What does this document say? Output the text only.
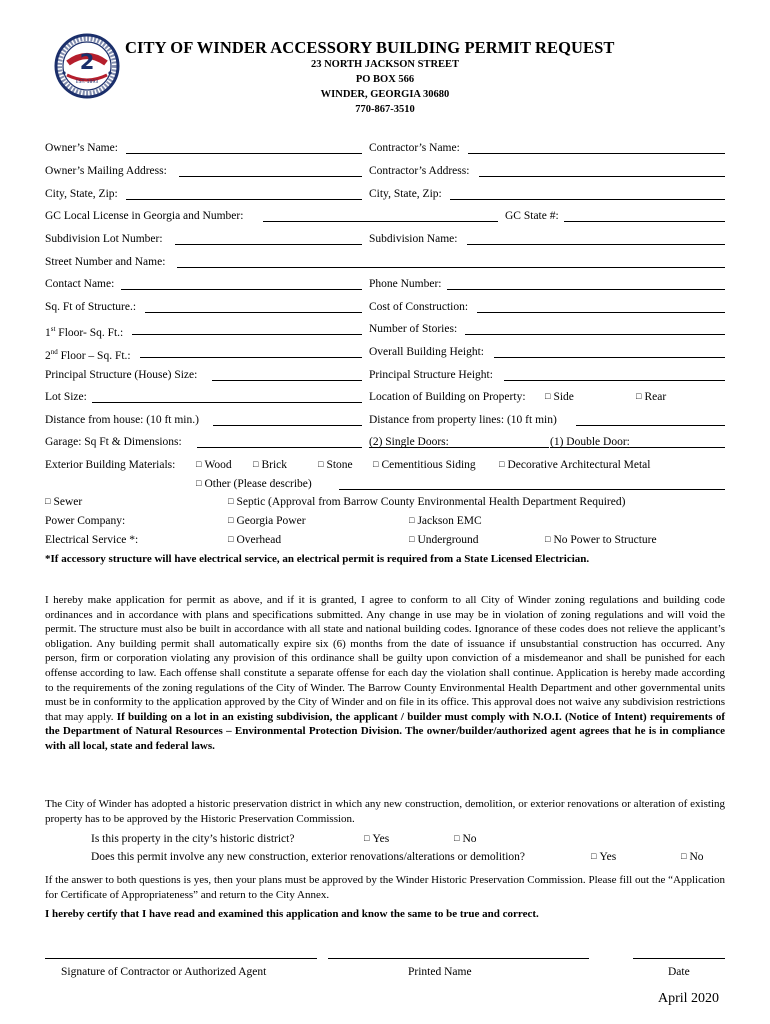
2
EST. 1893
CITY OF WINDER ACCESSORY BUILDING PERMIT REQUEST
23 NORTH JACKSON STREET
PO BOX 566
WINDER, GEORGIA 30680
770-867-3510
Owner’s Name:	Contractor’s Name:
Owner’s Mailing Address:	Contractor’s Address:
City, State, Zip:	City, State, Zip:
GC Local License in Georgia and Number:	GC State #:
Subdivision Lot Number:	Subdivision Name:
Street Number and Name:
Contact Name:	Phone Number:
Sq. Ft of Structure.:	Cost of Construction:
1st Floor- Sq. Ft.:	Number of Stories:
2nd Floor – Sq. Ft.:	Overall Building Height:
Principal Structure (House) Size:	Principal Structure Height:
Lot Size:	Location of Building on Property:	□ Side	□ Rear
Distance from house: (10 ft min.)	Distance from property lines: (10 ft min)
Garage: Sq Ft & Dimensions:	(2) Single Doors:	(1) Double Door:
Exterior Building Materials:	□ Wood	□ Brick	□ Stone	□ Cementitious Siding	□ Decorative Architectural Metal
□ Other (Please describe)
□ Sewer	□ Septic (Approval from Barrow County Environmental Health Department Required)
Power Company:	□ Georgia Power	□ Jackson EMC
Electrical Service *:	□ Overhead	□ Underground	□ No Power to Structure
*If accessory structure will have electrical service, an electrical permit is required from a State Licensed Electrician.
I hereby make application for permit as above, and if it is granted, I agree to conform to all City of Winder zoning regulations and building code ordinances and in accordance with plans and specifications submitted. Any change in use may be in violation of zoning regulations and will void the permit. The structure must also be built in accordance with all state and national building codes. Ignorance of these codes does not relieve the applicant’s obligation. Any building permit shall automatically expire six (6) months from the date of issuance if unsubstantial construction has occurred. Any person, firm or corporation violating any provision of this ordinance shall be guilty upon conviction of a misdemeanor and shall be punished for each offense according to law. Each offense shall constitute a separate offense for each day the violation shall continue. Application is hereby made according to the requirements of the zoning regulations of the City of Winder. The Barrow County Environmental Health Department and other governmental units must be in conformity to the application approved by the City of Winder and on file in its office. This approval does not waive any subdivision restrictions that may apply. If building on a lot in an existing subdivision, the applicant / builder must comply with N.O.I. (Notice of Intent) requirements of the Department of Natural Resources – Environmental Protection Division. The owner/builder/authorized agent agrees that he is in compliance with all local, state and federal laws.
The City of Winder has adopted a historic preservation district in which any new construction, demolition, or exterior renovations or alteration of existing property has to be approved by the Historic Preservation Commission.
Is this property in the city’s historic district?	□ Yes	□ No
Does this permit involve any new construction, exterior renovations/alterations or demolition?	□ Yes	□ No
If the answer to both questions is yes, then your plans must be approved by the Winder Historic Preservation Commission. Please fill out the “Application for Certificate of Appropriateness” and return to the City Annex.
I hereby certify that I have read and examined this application and know the same to be true and correct.
Signature of Contractor or Authorized Agent	Printed Name	Date
April 2020
